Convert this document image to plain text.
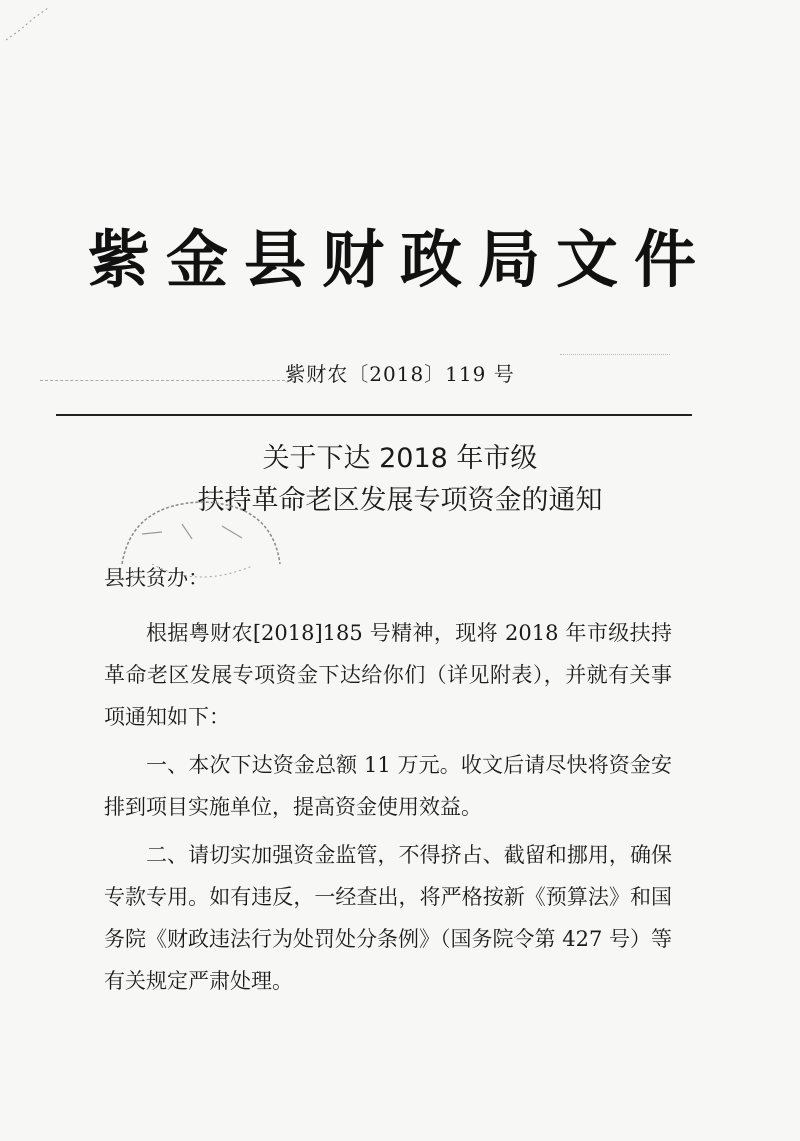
紫金县财政局文件
紫财农〔2018〕119 号
关于下达 2018 年市级
扶持革命老区发展专项资金的通知
县扶贫办：

根据粤财农[2018]185 号精神，现将 2018 年市级扶持革命老区发展专项资金下达给你们（详见附表），并就有关事项通知如下：

一、本次下达资金总额 11 万元。收文后请尽快将资金安排到项目实施单位，提高资金使用效益。

二、请切实加强资金监管，不得挤占、截留和挪用，确保专款专用。如有违反，一经查出，将严格按新《预算法》和国务院《财政违法行为处罚处分条例》（国务院令第 427 号）等有关规定严肃处理。
